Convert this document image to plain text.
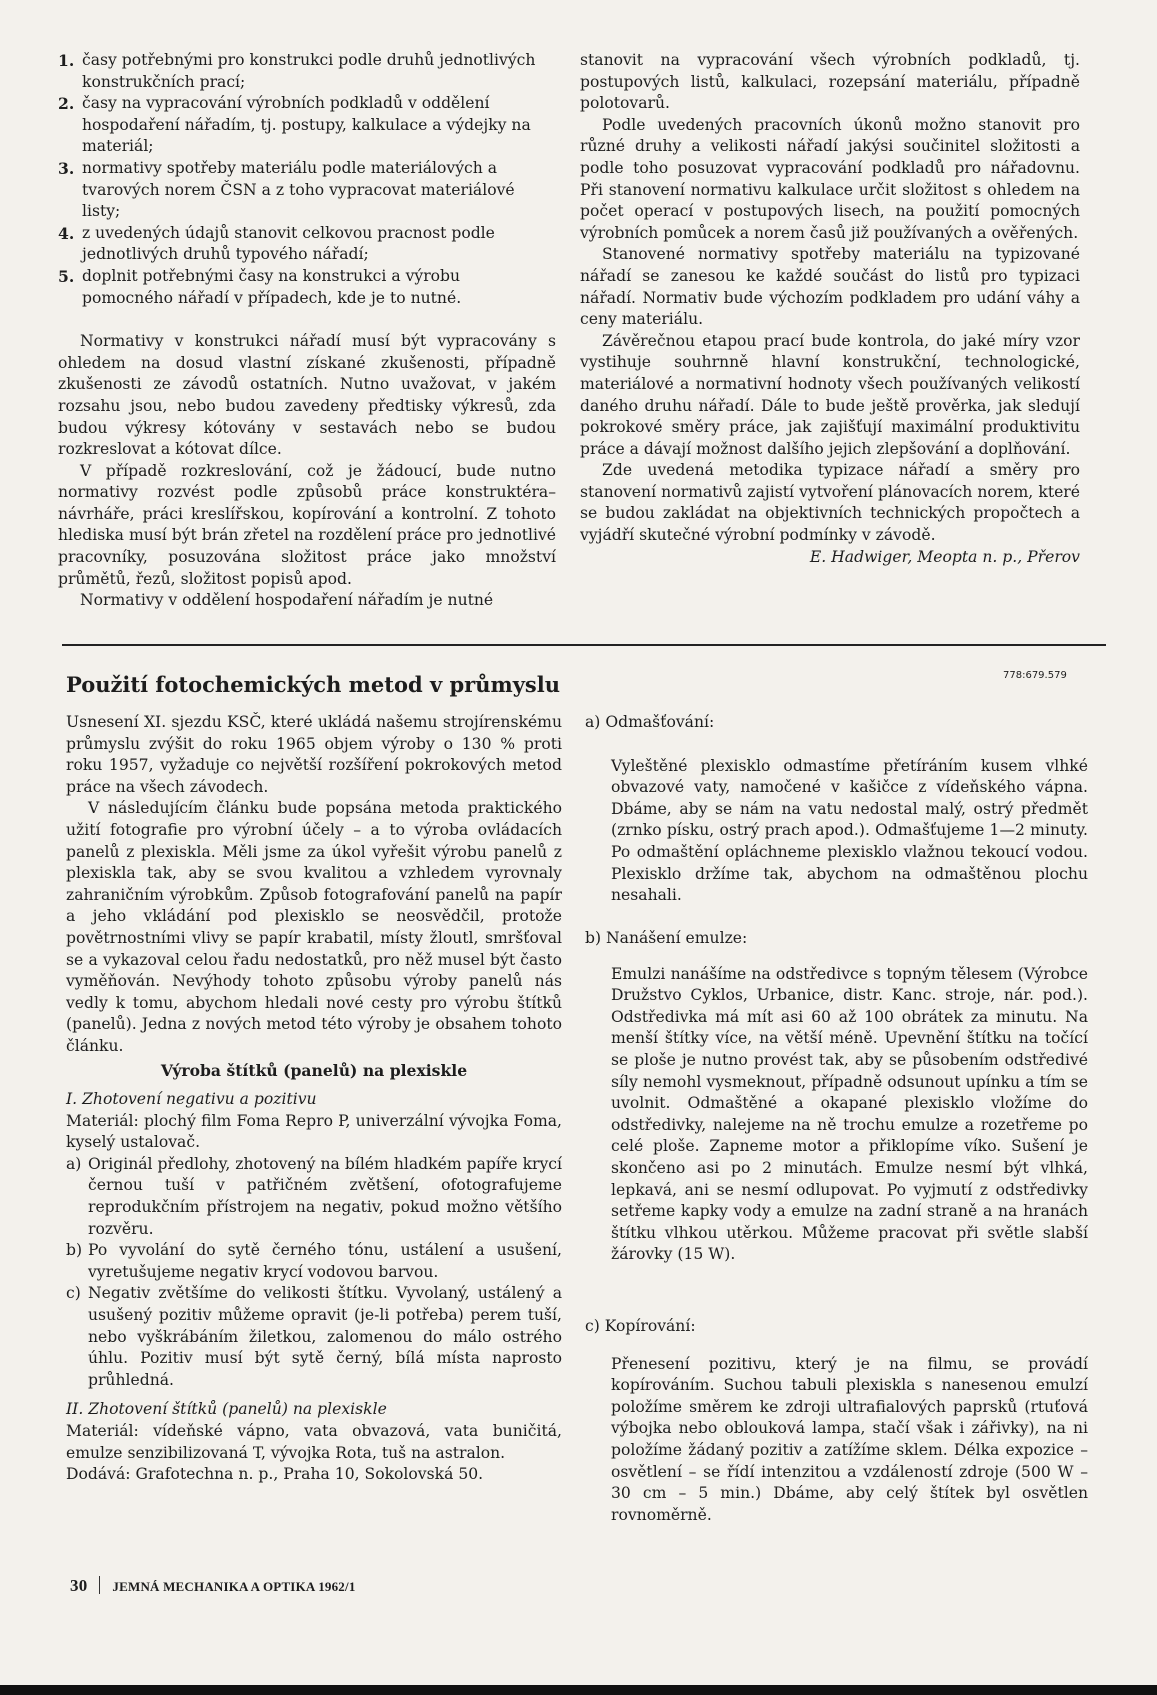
1. časy potřebnými pro konstrukci podle druhů jednotlivých konstrukčních prací;
2. časy na vypracování výrobních podkladů v oddělení hospodaření nářadím, tj. postupy, kalkulace a výdejky na materiál;
3. normativy spotřeby materiálu podle materiálových a tvarových norem ČSN a z toho vypracovat materiálové listy;
4. z uvedených údajů stanovit celkovou pracnost podle jednotlivých druhů typového nářadí;
5. doplnit potřebnými časy na konstrukci a výrobu pomocného nářadí v případech, kde je to nutné.

Normativy v konstrukci nářadí musí být vypracovány s ohledem na dosud vlastní získané zkušenosti, případně zkušenosti ze závodů ostatních. Nutno uvažovat, v jakém rozsahu jsou, nebo budou zavedeny předtisky výkresů, zda budou výkresy kótovány v sestavách nebo se budou rozkreslovat a kótovat dílce.

V případě rozkreslování, což je žádoucí, bude nutno normativy rozvést podle způsobů práce konstruktéra–návrháře, práci kreslířskou, kopírování a kontrolní. Z tohoto hlediska musí být brán zřetel na rozdělení práce pro jednotlivé pracovníky, posuzována složitost práce jako množství průmětů, řezů, složitost popisů apod.

Normativy v oddělení hospodaření nářadím je nutné

stanovit na vypracování všech výrobních podkladů, tj. postupových listů, kalkulaci, rozepsání materiálu, případně polotovarů.

Podle uvedených pracovních úkonů možno stanovit pro různé druhy a velikosti nářadí jakýsi součinitel složitosti a podle toho posuzovat vypracování podkladů pro nářadovnu. Při stanovení normativu kalkulace určit složitost s ohledem na počet operací v postupových lisech, na použití pomocných výrobních pomůcek a norem časů již používaných a ověřených.

Stanovené normativy spotřeby materiálu na typizované nářadí se zanesou ke každé součást do listů pro typizaci nářadí. Normativ bude výchozím podkladem pro udání váhy a ceny materiálu.

Závěrečnou etapou prací bude kontrola, do jaké míry vzor vystihuje souhrnně hlavní konstrukční, technologické, materiálové a normativní hodnoty všech používaných velikostí daného druhu nářadí. Dále to bude ještě prověrka, jak sledují pokrokové směry práce, jak zajišťují maximální produktivitu práce a dávají možnost dalšího jejich zlepšování a doplňování.

Zde uvedená metodika typizace nářadí a směry pro stanovení normativů zajistí vytvoření plánovacích norem, které se budou zakládat na objektivních technických propočtech a vyjádří skutečné výrobní podmínky v závodě.

E. Hadwiger, Meopta n. p., Přerov

Použití fotochemických metod v průmyslu	778:679.579

Usnesení XI. sjezdu KSČ, které ukládá našemu strojírenskému průmyslu zvýšit do roku 1965 objem výroby o 130 % proti roku 1957, vyžaduje co největší rozšíření pokrokových metod práce na všech závodech.

V následujícím článku bude popsána metoda praktického užití fotografie pro výrobní účely – a to výroba ovládacích panelů z plexiskla. Měli jsme za úkol vyřešit výrobu panelů z plexiskla tak, aby se svou kvalitou a vzhledem vyrovnaly zahraničním výrobkům. Způsob fotografování panelů na papír a jeho vkládání pod plexisklo se neosvědčil, protože povětrnostními vlivy se papír krabatil, místy žloutl, smršťoval se a vykazoval celou řadu nedostatků, pro něž musel být často vyměňován. Nevýhody tohoto způsobu výroby panelů nás vedly k tomu, abychom hledali nové cesty pro výrobu štítků (panelů). Jedna z nových metod této výroby je obsahem tohoto článku.

Výroba štítků (panelů) na plexiskle
I. Zhotovení negativu a pozitivu

Materiál: plochý film Foma Repro P, univerzální vývojka Foma, kyselý ustalovač.

a) Originál předlohy, zhotovený na bílém hladkém papíře krycí černou tuší v patřičném zvětšení, ofotografujeme reprodukčním přístrojem na negativ, pokud možno většího rozvěru.

b) Po vyvolání do sytě černého tónu, ustálení a usušení, vyretušujeme negativ krycí vodovou barvou.

c) Negativ zvětšíme do velikosti štítku. Vyvolaný, ustálený a usušený pozitiv můžeme opravit (je-li potřeba) perem tuší, nebo vyškrábáním žiletkou, zalomenou do málo ostrého úhlu. Pozitiv musí být sytě černý, bílá místa naprosto průhledná.

II. Zhotovení štítků (panelů) na plexiskle

Materiál: vídeňské vápno, vata obvazová, vata buničitá, emulze senzibilizovaná T, vývojka Rota, tuš na astralon.

Dodává: Grafotechna n. p., Praha 10, Sokolovská 50.

a) Odmašťování:

Vyleštěné plexisklo odmastíme přetíráním kusem vlhké obvazové vaty, namočené v kašičce z vídeňského vápna. Dbáme, aby se nám na vatu nedostal malý, ostrý předmět (zrnko písku, ostrý prach apod.). Odmašťujeme 1—2 minuty. Po odmaštění opláchneme plexisklo vlažnou tekoucí vodou. Plexisklo držíme tak, abychom na odmaštěnou plochu nesahali.

b) Nanášení emulze:

Emulzi nanášíme na odstředivce s topným tělesem (Výrobce Družstvo Cyklos, Urbanice, distr. Kanc. stroje, nár. pod.). Odstředivka má mít asi 60 až 100 obrátek za minutu. Na menší štítky více, na větší méně. Upevnění štítku na točící se ploše je nutno provést tak, aby se působením odstředivé síly nemohl vysmeknout, případně odsunout upínku a tím se uvolnit. Odmaštěné a okapané plexisklo vložíme do odstředivky, nalejeme na ně trochu emulze a rozetřeme po celé ploše. Zapneme motor a přiklopíme víko. Sušení je skončeno asi po 2 minutách. Emulze nesmí být vlhká, lepkavá, ani se nesmí odlupovat. Po vyjmutí z odstředivky setřeme kapky vody a emulze na zadní straně a na hranách štítku vlhkou utěrkou. Můžeme pracovat při světle slabší žárovky (15 W).

c) Kopírování:

Přenesení pozitivu, který je na filmu, se provádí kopírováním. Suchou tabuli plexiskla s nanesenou emulzí položíme směrem ke zdroji ultrafialových paprsků (rtuťová výbojka nebo oblouková lampa, stačí však i zářivky), na ni položíme žádaný pozitiv a zatížíme sklem. Délka expozice – osvětlení – se řídí intenzitou a vzdáleností zdroje (500 W – 30 cm – 5 min.) Dbáme, aby celý štítek byl osvětlen rovnoměrně.

30 JEMNÁ MECHANIKA A OPTIKA 1962/1
